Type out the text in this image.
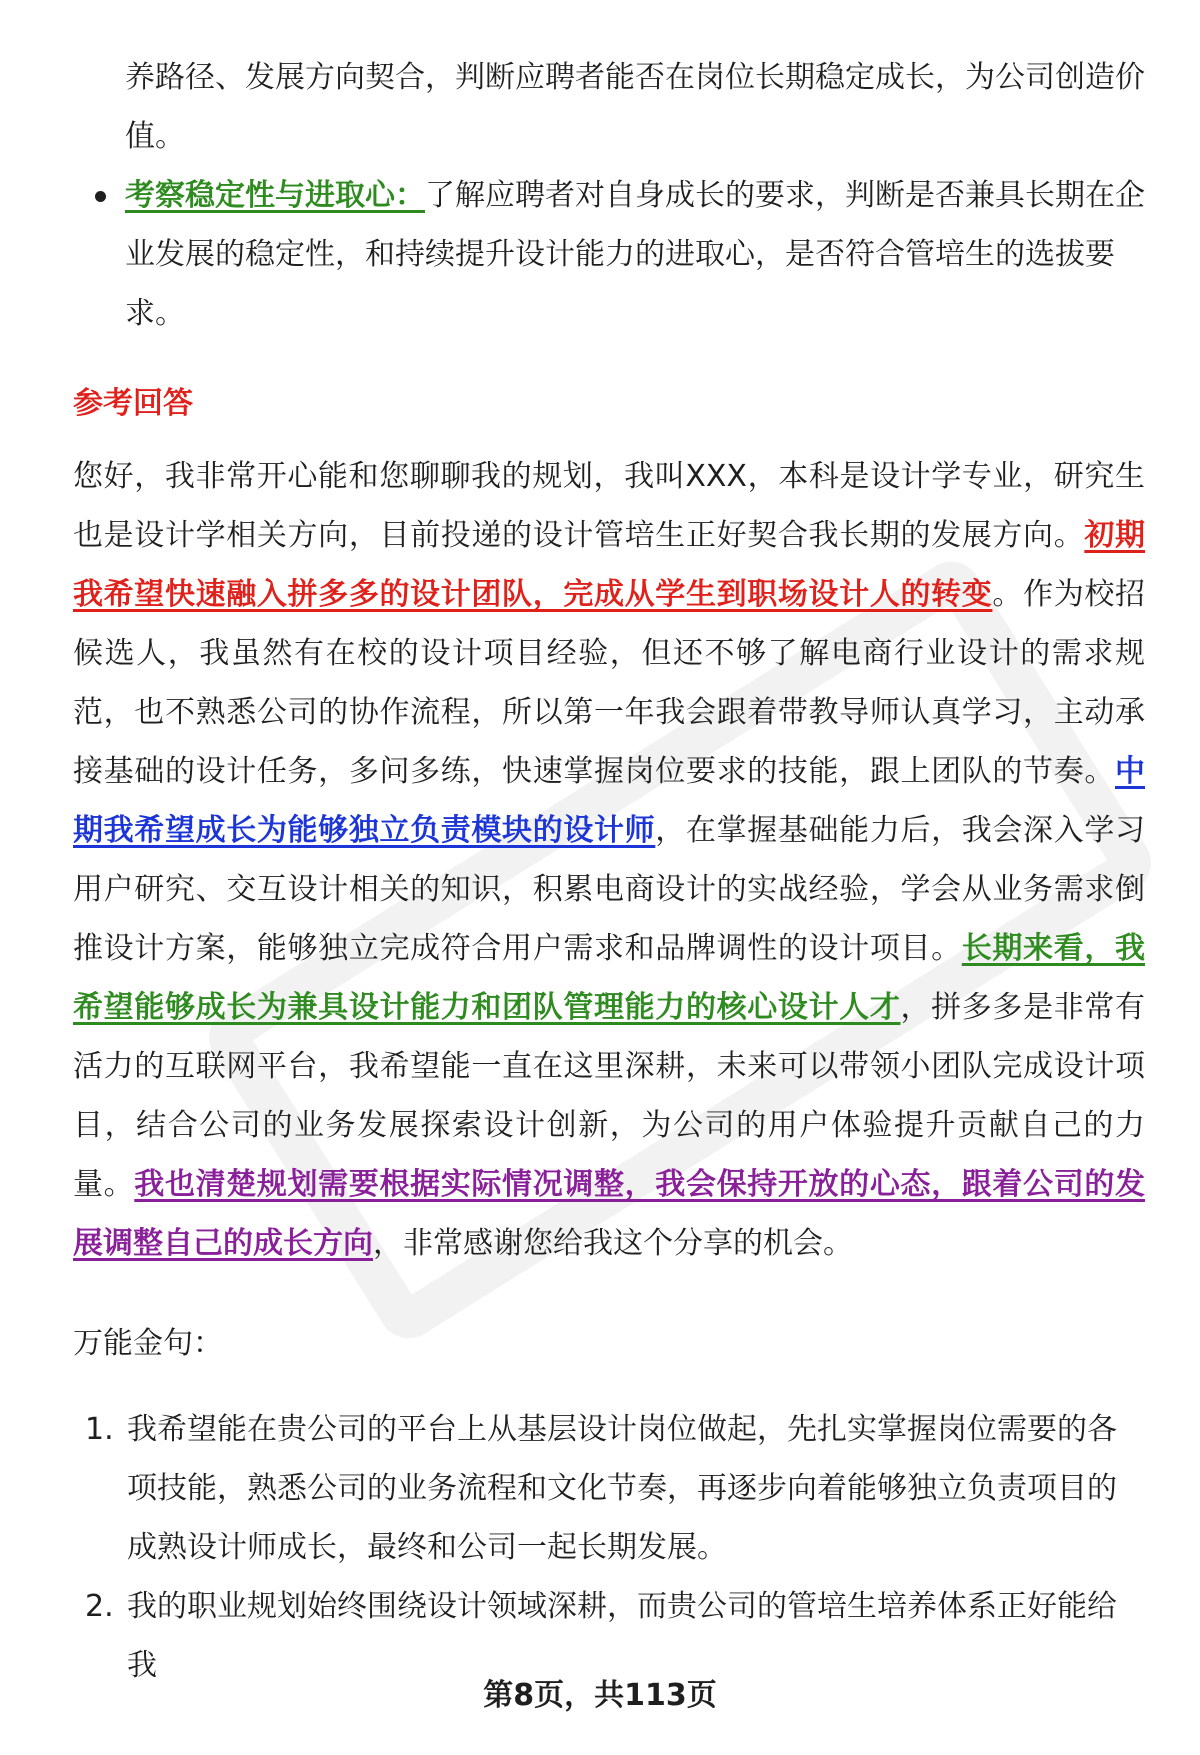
养路径、发展方向契合，判断应聘者能否在岗位长期稳定成长，为公司创造价值。

考察稳定性与进取心：了解应聘者对自身成长的要求，判断是否兼具长期在企业发展的稳定性，和持续提升设计能力的进取心，是否符合管培生的选拔要求。

参考回答

您好，我非常开心能和您聊聊我的规划，我叫XXX，本科是设计学专业，研究生也是设计学相关方向，目前投递的设计管培生正好契合我长期的发展方向。初期我希望快速融入拼多多的设计团队，完成从学生到职场设计人的转变。作为校招候选人，我虽然有在校的设计项目经验，但还不够了解电商行业设计的需求规范，也不熟悉公司的协作流程，所以第一年我会跟着带教导师认真学习，主动承接基础的设计任务，多问多练，快速掌握岗位要求的技能，跟上团队的节奏。中期我希望成长为能够独立负责模块的设计师，在掌握基础能力后，我会深入学习用户研究、交互设计相关的知识，积累电商设计的实战经验，学会从业务需求倒推设计方案，能够独立完成符合用户需求和品牌调性的设计项目。长期来看，我希望能够成长为兼具设计能力和团队管理能力的核心设计人才，拼多多是非常有活力的互联网平台，我希望能一直在这里深耕，未来可以带领小团队完成设计项目，结合公司的业务发展探索设计创新，为公司的用户体验提升贡献自己的力量。我也清楚规划需要根据实际情况调整，我会保持开放的心态，跟着公司的发展调整自己的成长方向，非常感谢您给我这个分享的机会。

万能金句：

1. 我希望能在贵公司的平台上从基层设计岗位做起，先扎实掌握岗位需要的各项技能，熟悉公司的业务流程和文化节奏，再逐步向着能够独立负责项目的成熟设计师成长，最终和公司一起长期发展。

2. 我的职业规划始终围绕设计领域深耕，而贵公司的管培生培养体系正好能给我

第8页，共113页
